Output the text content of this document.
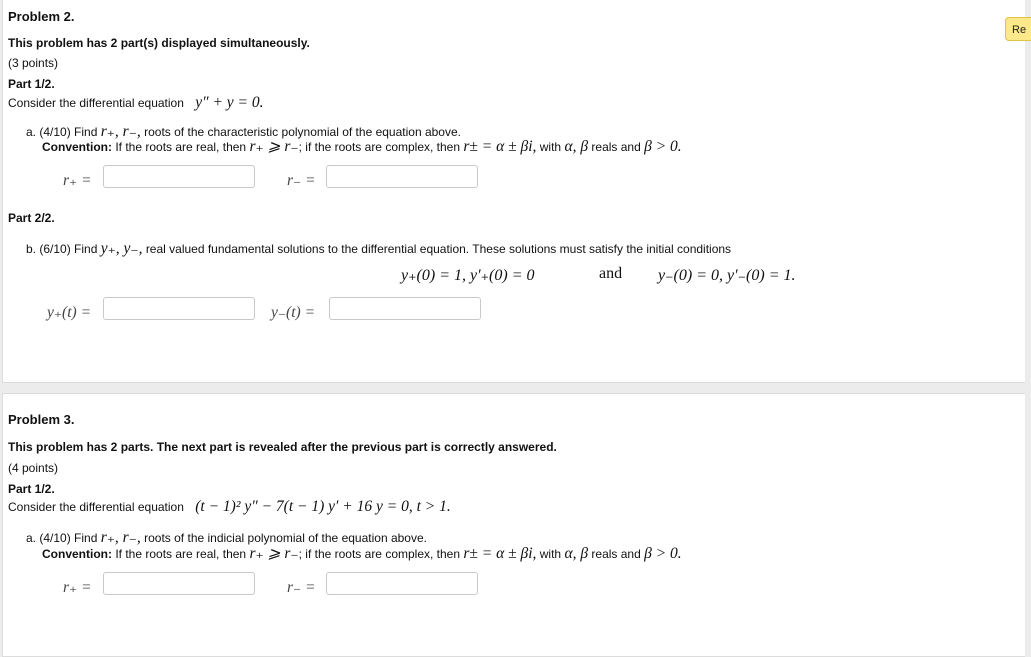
Problem 2.
This problem has 2 part(s) displayed simultaneously.
(3 points)
Part 1/2.
Consider the differential equation y″ + y = 0.
a. (4/10) Find r₊, r₋, roots of the characteristic polynomial of the equation above.
Convention: If the roots are real, then r₊ ⩾ r₋; if the roots are complex, then r± = α ± βi, with α, β reals and β > 0.
r₊ =	r₋ =
Part 2/2.
b. (6/10) Find y₊, y₋, real valued fundamental solutions to the differential equation. These solutions must satisfy the initial conditions
y₊(0) = 1, y′₊(0) = 0	and y₋(0) = 0, y′₋(0) = 1.
y₊(t) =	y₋(t) =
Re
Problem 3.
This problem has 2 parts. The next part is revealed after the previous part is correctly answered.
(4 points)
Part 1/2.
Consider the differential equation (t − 1)² y″ − 7(t − 1) y′ + 16 y = 0, t > 1.
a. (4/10) Find r₊, r₋, roots of the indicial polynomial of the equation above.
Convention: If the roots are real, then r₊ ⩾ r₋; if the roots are complex, then r± = α ± βi, with α, β reals and β > 0.
r₊ =	r₋ =
